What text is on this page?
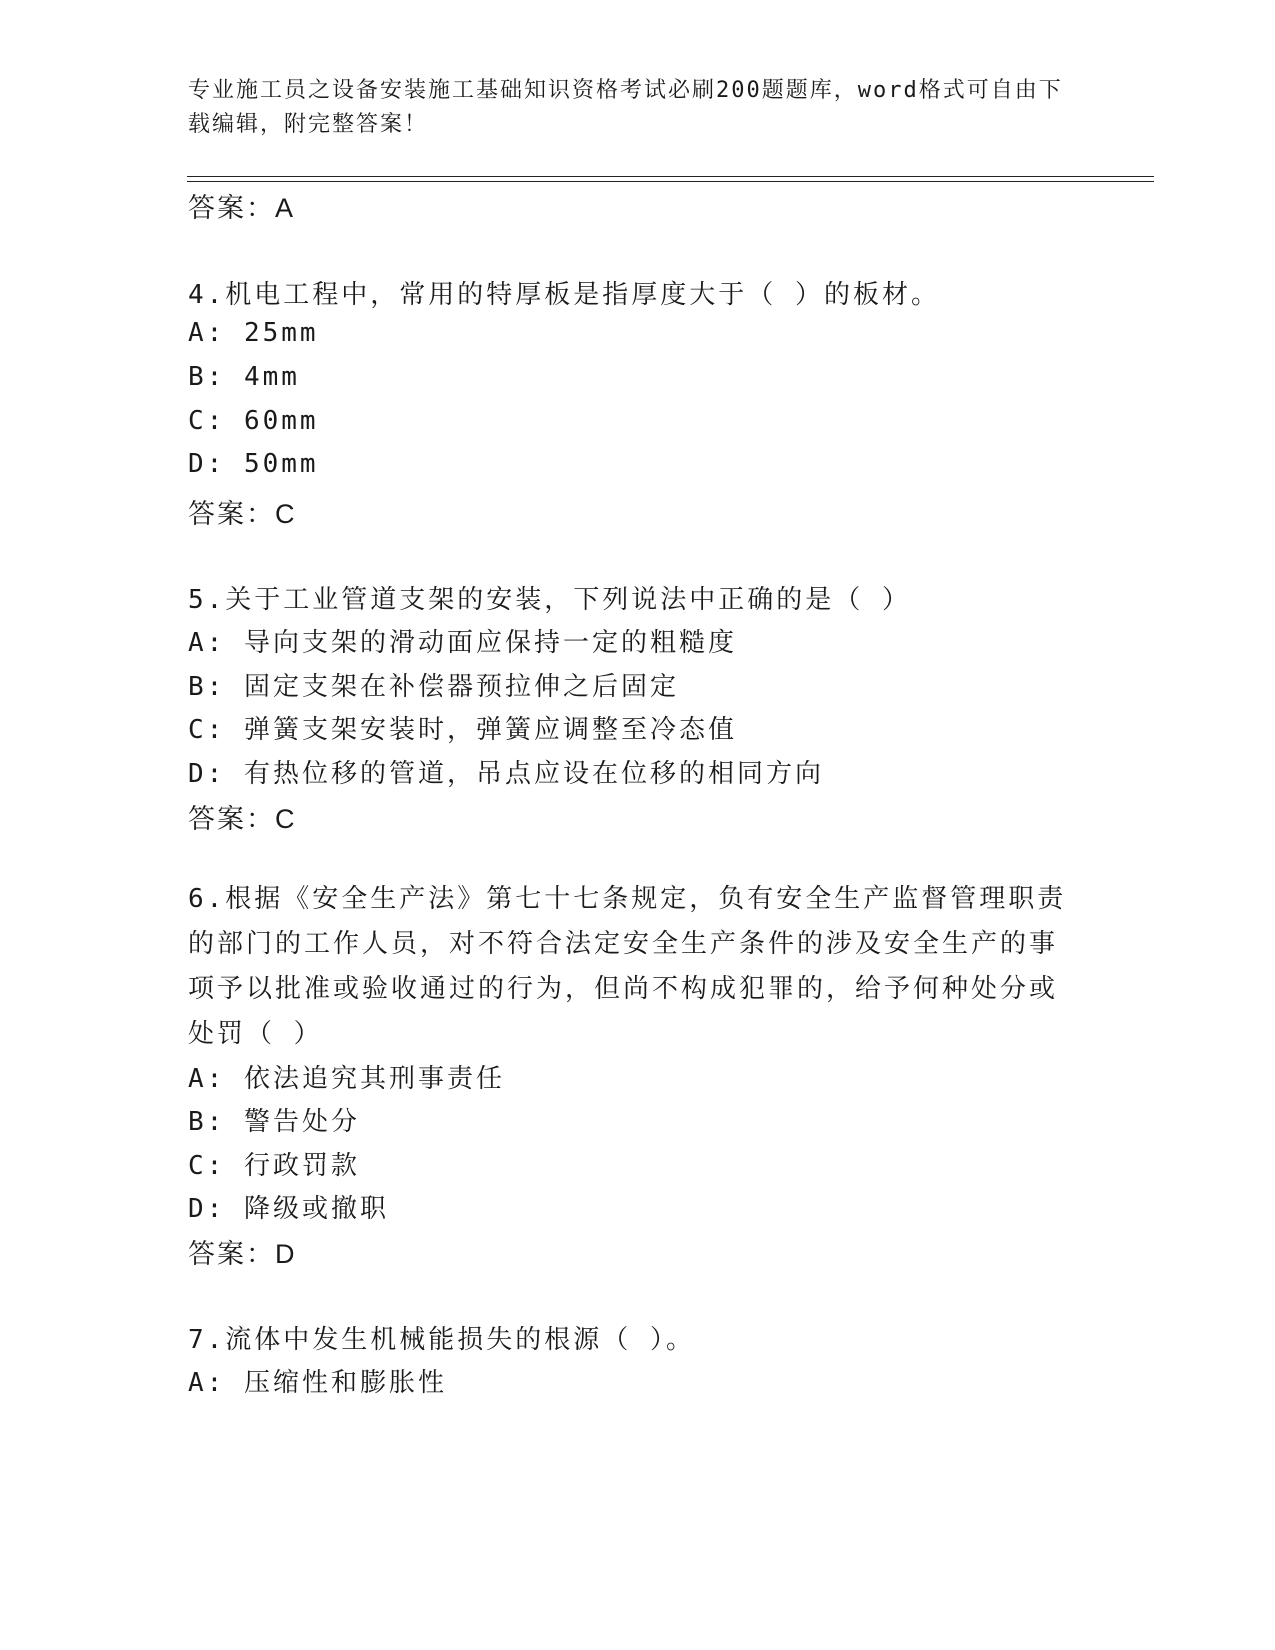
专业施工员之设备安装施工基础知识资格考试必刷200题题库，word格式可自由下载编辑，附完整答案！
答案：A
4.机电工程中，常用的特厚板是指厚度大于（ ）的板材。
A: 25mm
B: 4mm
C: 60mm
D: 50mm
答案：C
5.关于工业管道支架的安装，下列说法中正确的是（ ）
A: 导向支架的滑动面应保持一定的粗糙度
B: 固定支架在补偿器预拉伸之后固定
C: 弹簧支架安装时，弹簧应调整至冷态值
D: 有热位移的管道，吊点应设在位移的相同方向
答案：C
6.根据《安全生产法》第七十七条规定，负有安全生产监督管理职责的部门的工作人员，对不符合法定安全生产条件的涉及安全生产的事项予以批准或验收通过的行为，但尚不构成犯罪的，给予何种处分或处罚（ ）
A: 依法追究其刑事责任
B: 警告处分
C: 行政罚款
D: 降级或撤职
答案：D
7.流体中发生机械能损失的根源（ ）。
A: 压缩性和膨胀性
